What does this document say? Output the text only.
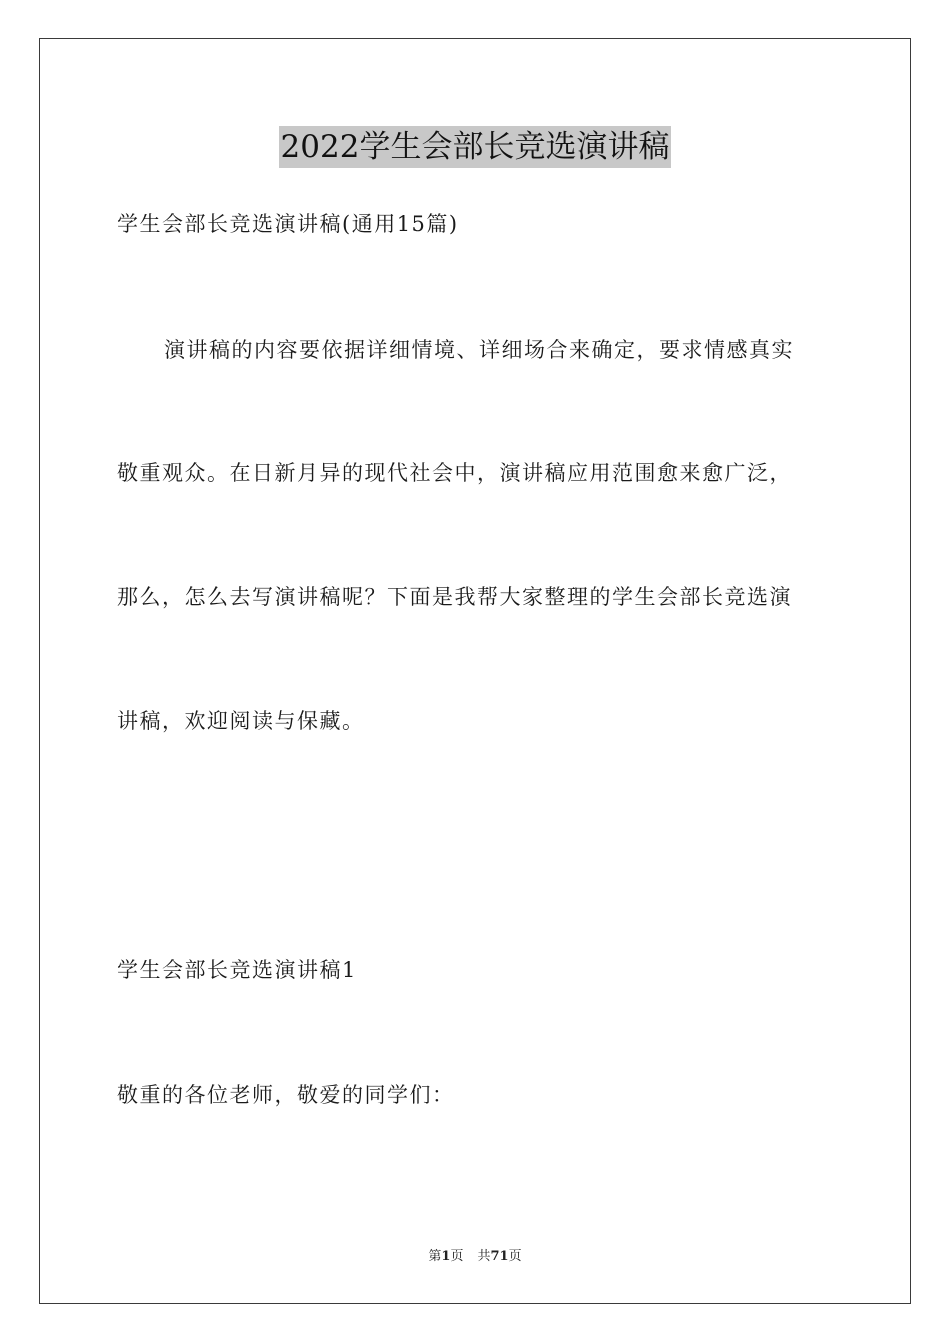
2022学生会部长竞选演讲稿
学生会部长竞选演讲稿(通用15篇)
演讲稿的内容要依据详细情境、详细场合来确定，要求情感真实
敬重观众。在日新月异的现代社会中，演讲稿应用范围愈来愈广泛，
那么，怎么去写演讲稿呢？下面是我帮大家整理的学生会部长竞选演
讲稿，欢迎阅读与保藏。
学生会部长竞选演讲稿1
敬重的各位老师，敬爱的同学们：
第1页 共71页
